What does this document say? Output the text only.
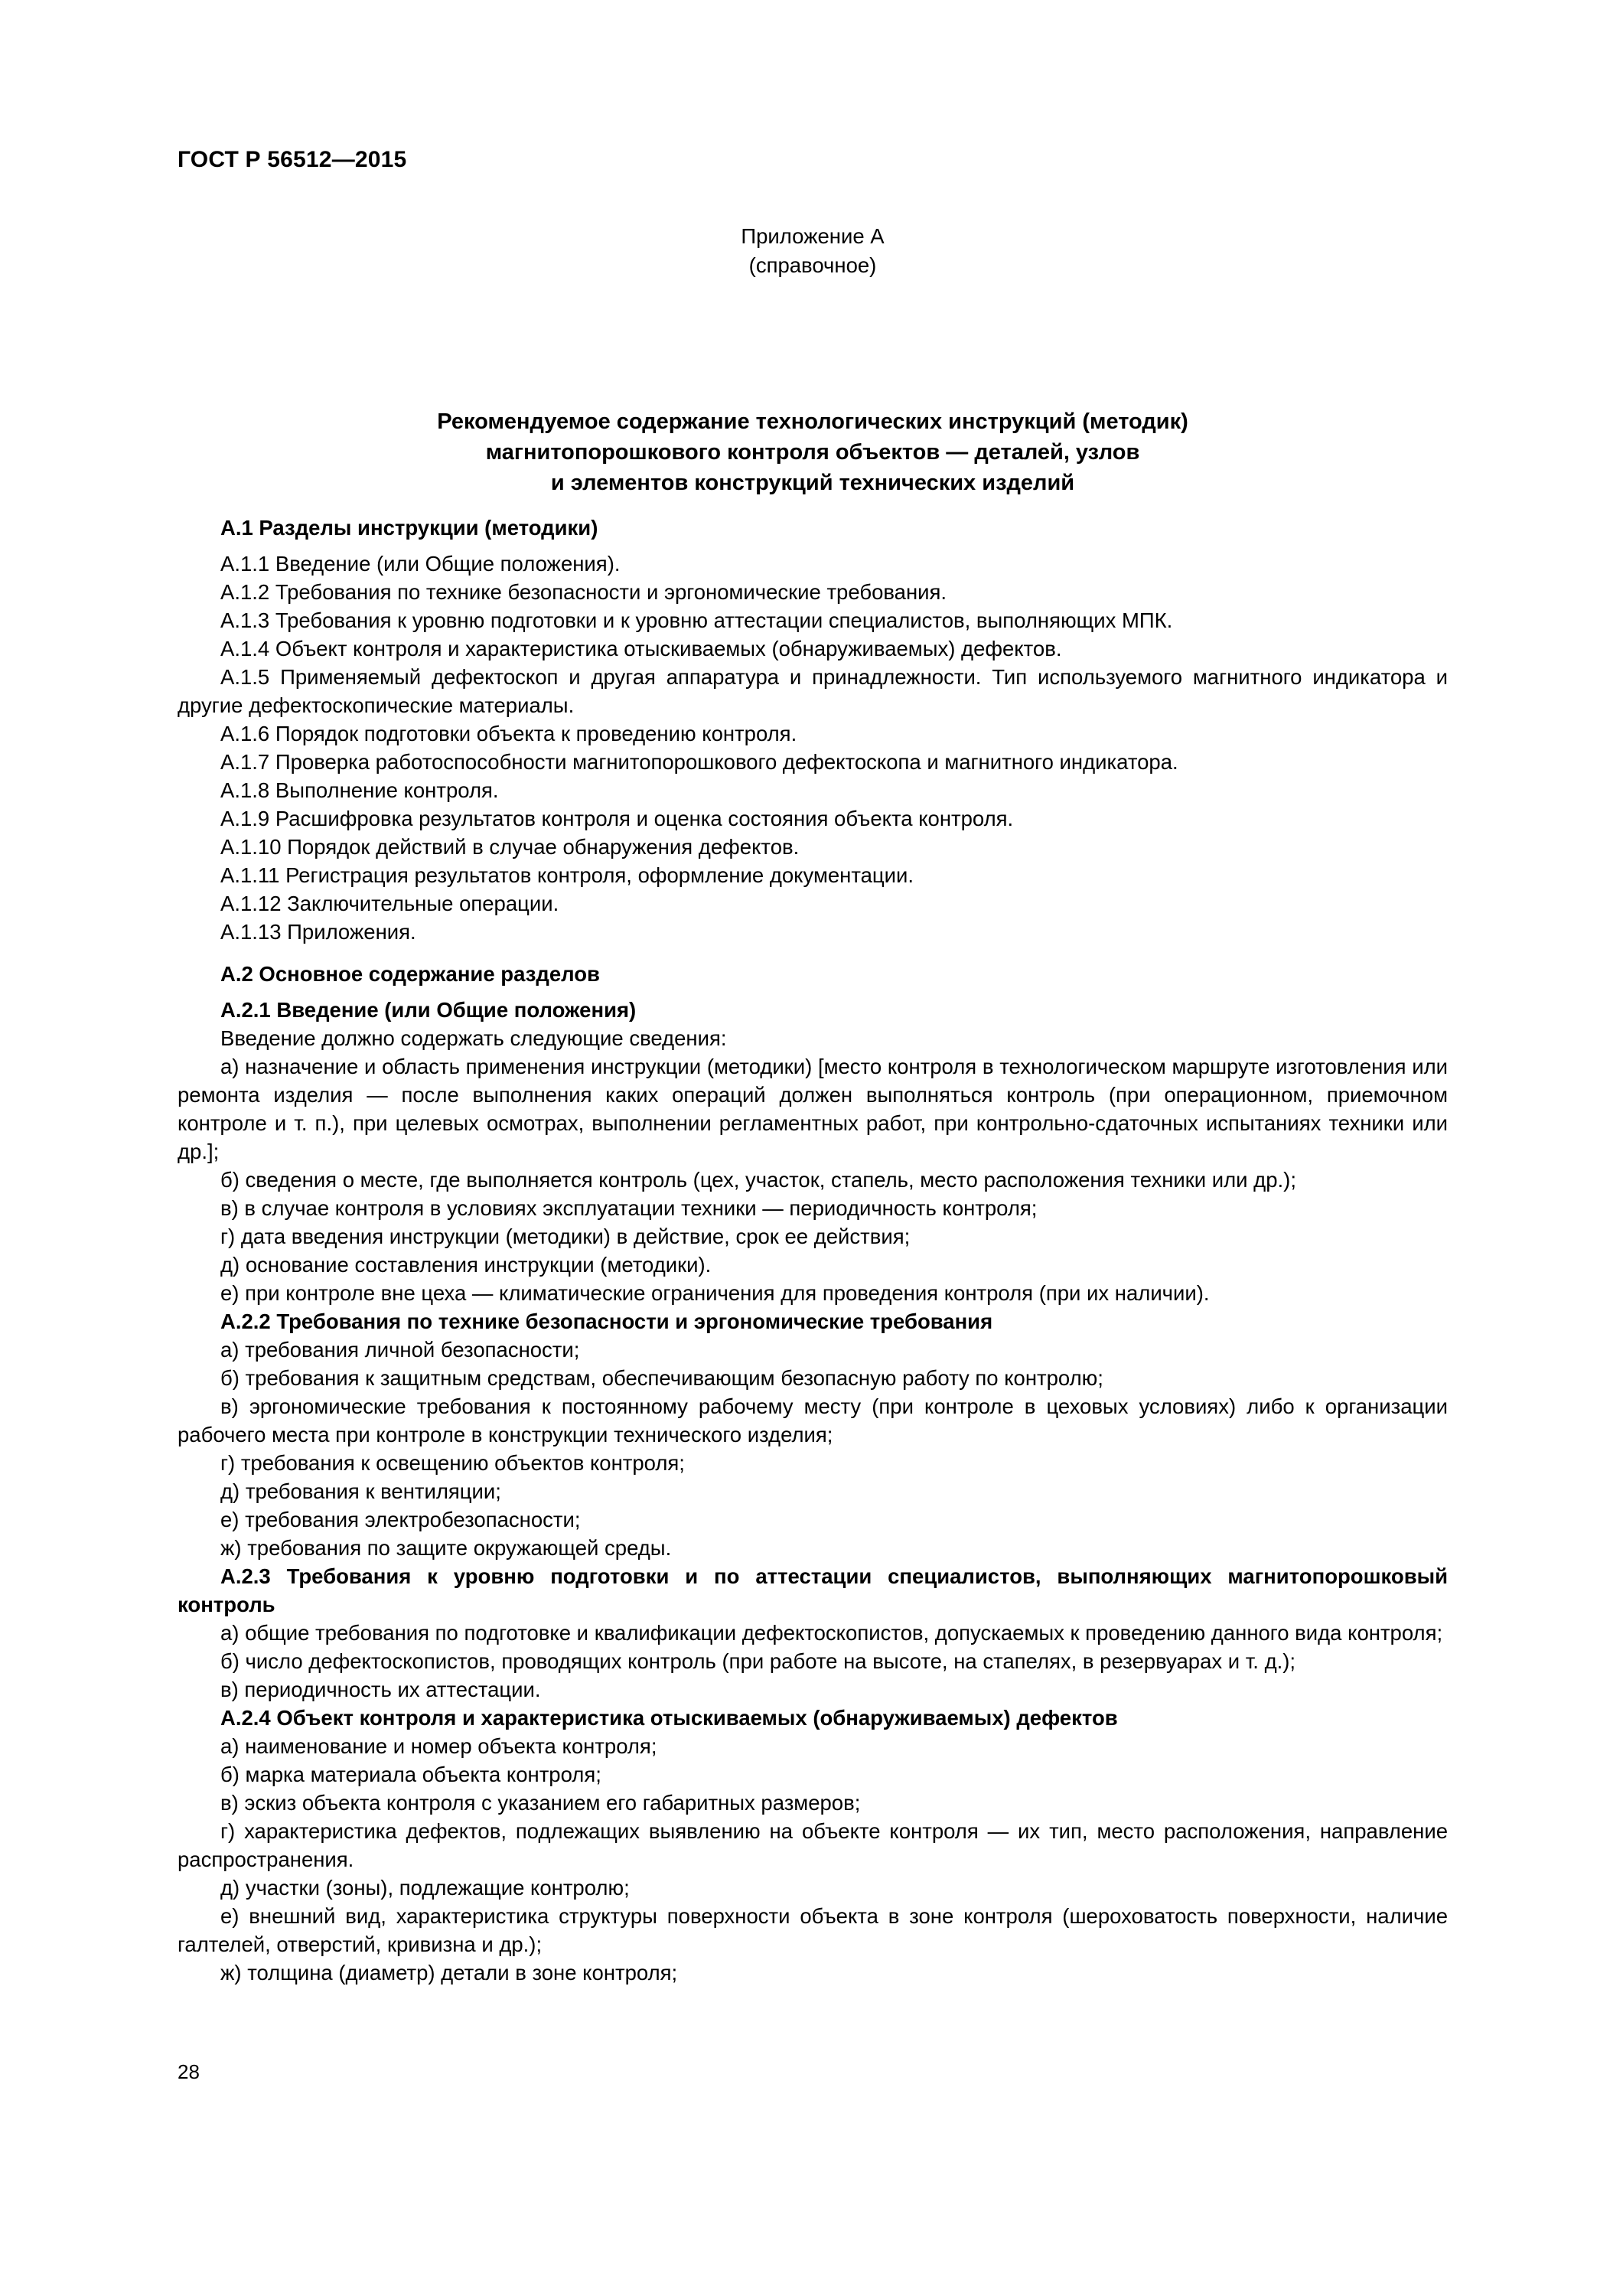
ГОСТ Р 56512—2015

Приложение А

(справочное)

Рекомендуемое содержание технологических инструкций (методик)
магнитопорошкового контроля объектов — деталей, узлов
и элементов конструкций технических изделий

А.1 Разделы инструкции (методики)

А.1.1 Введение (или Общие положения).

А.1.2 Требования по технике безопасности и эргономические требования.

А.1.3 Требования к уровню подготовки и к уровню аттестации специалистов, выполняющих МПК.

А.1.4 Объект контроля и характеристика отыскиваемых (обнаруживаемых) дефектов.

А.1.5 Применяемый дефектоскоп и другая аппаратура и принадлежности. Тип используемого магнитного индикатора и другие дефектоскопические материалы.

А.1.6 Порядок подготовки объекта к проведению контроля.

А.1.7 Проверка работоспособности магнитопорошкового дефектоскопа и магнитного индикатора.

А.1.8 Выполнение контроля.

А.1.9 Расшифровка результатов контроля и оценка состояния объекта контроля.

А.1.10 Порядок действий в случае обнаружения дефектов.

А.1.11 Регистрация результатов контроля, оформление документации.

А.1.12 Заключительные операции.

А.1.13 Приложения.

А.2 Основное содержание разделов

А.2.1 Введение (или Общие положения)

Введение должно содержать следующие сведения:

а) назначение и область применения инструкции (методики) [место контроля в технологическом маршруте изготовления или ремонта изделия — после выполнения каких операций должен выполняться контроль (при операционном, приемочном контроле и т. п.), при целевых осмотрах, выполнении регламентных работ, при контрольно-сдаточных испытаниях техники или др.];

б) сведения о месте, где выполняется контроль (цех, участок, стапель, место расположения техники или др.);

в) в случае контроля в условиях эксплуатации техники — периодичность контроля;

г) дата введения инструкции (методики) в действие, срок ее действия;

д) основание составления инструкции (методики).

е) при контроле вне цеха — климатические ограничения для проведения контроля (при их наличии).

А.2.2 Требования по технике безопасности и эргономические требования

а) требования личной безопасности;

б) требования к защитным средствам, обеспечивающим безопасную работу по контролю;

в) эргономические требования к постоянному рабочему месту (при контроле в цеховых условиях) либо к организации рабочего места при контроле в конструкции технического изделия;

г) требования к освещению объектов контроля;

д) требования к вентиляции;

е) требования электробезопасности;

ж) требования по защите окружающей среды.

А.2.3 Требования к уровню подготовки и по аттестации специалистов, выполняющих магнитопорошковый контроль

а) общие требования по подготовке и квалификации дефектоскопистов, допускаемых к проведению данного вида контроля;

б) число дефектоскопистов, проводящих контроль (при работе на высоте, на стапелях, в резервуарах и т. д.);

в) периодичность их аттестации.

А.2.4 Объект контроля и характеристика отыскиваемых (обнаруживаемых) дефектов

а) наименование и номер объекта контроля;

б) марка материала объекта контроля;

в) эскиз объекта контроля с указанием его габаритных размеров;

г) характеристика дефектов, подлежащих выявлению на объекте контроля — их тип, место расположения, направление распространения.

д) участки (зоны), подлежащие контролю;

е) внешний вид, характеристика структуры поверхности объекта в зоне контроля (шероховатость поверхности, наличие галтелей, отверстий, кривизна и др.);

ж) толщина (диаметр) детали в зоне контроля;

28
